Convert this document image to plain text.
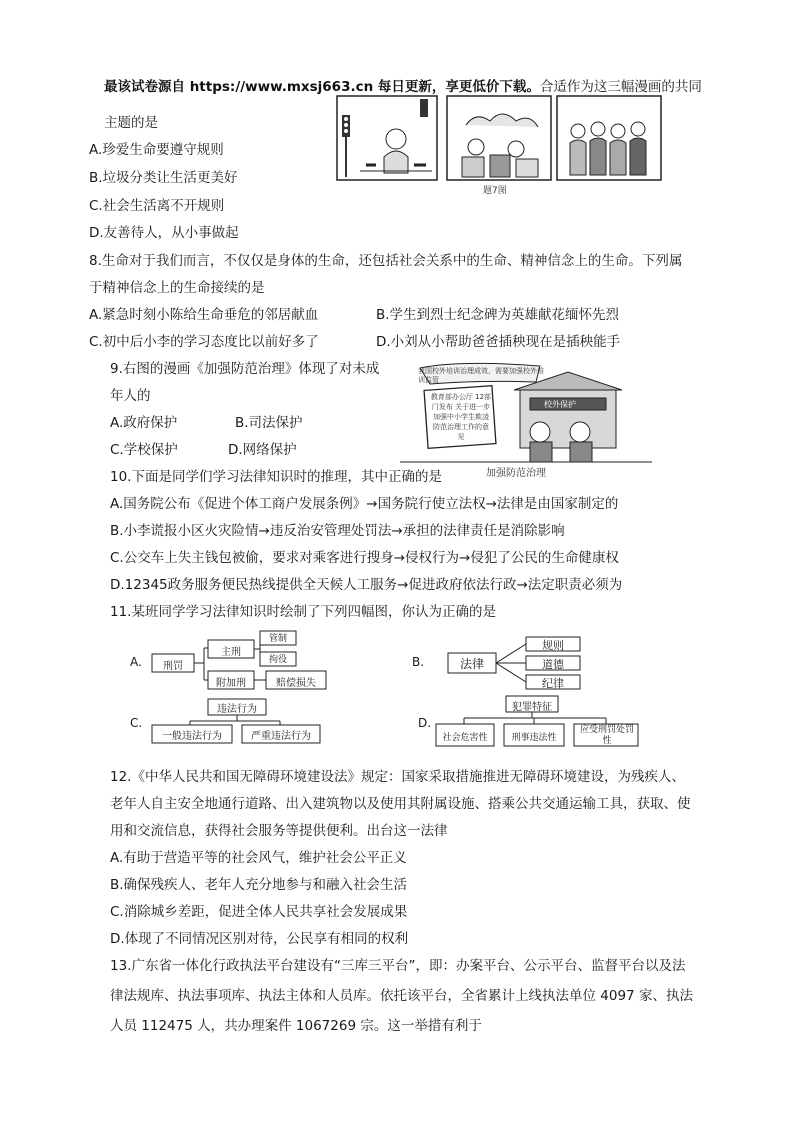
最该试卷源自 https://www.mxsj663.cn 每日更新，享更低价下载。合适作为这三幅漫画的共同
主题的是
A.珍爱生命要遵守规则
B.垃圾分类让生活更美好
C.社会生活离不开规则
D.友善待人，从小事做起
题7图
8.生命对于我们而言，不仅仅是身体的生命，还包括社会关系中的生命、精神信念上的生命。下列属
于精神信念上的生命接续的是
A.紧急时刻小陈给生命垂危的邻居献血	B.学生到烈士纪念碑为英雄献花缅怀先烈
C.初中后小李的学习态度比以前好多了	D.小刘从小帮助爸爸插秧现在是插秧能手
9.右图的漫画《加强防范治理》体现了对未成
年人的
A.政府保护	B.司法保护
C.学校保护	D.网络保护
我国校外培训治理成效，需要加强校外培训监管
教育部办公厅 12部门发布 关于进一步加强中小学生欺凌防范治理工作的意见
校外保护
加强防范治理
10.下面是同学们学习法律知识时的推理，其中正确的是
A.国务院公布《促进个体工商户发展条例》→国务院行使立法权→法律是由国家制定的
B.小李谎报小区火灾险情→违反治安管理处罚法→承担的法律责任是消除影响
C.公交车上失主钱包被偷，要求对乘客进行搜身→侵权行为→侵犯了公民的生命健康权
D.12345政务服务便民热线提供全天候人工服务→促进政府依法行政→法定职责必须为
11.某班同学学习法律知识时绘制了下列四幅图，你认为正确的是
A.	刑罚
主刑
附加刑
管制
拘役
赔偿损失
B.	法律
规则
道德
纪律
C.
违法行为
一般违法行为	严重违法行为
D.
犯罪特征
社会危害性	刑事违法性
应受刑罚处罚性
12.《中华人民共和国无障碍环境建设法》规定：国家采取措施推进无障碍环境建设，为残疾人、
老年人自主安全地通行道路、出入建筑物以及使用其附属设施、搭乘公共交通运输工具，获取、使
用和交流信息，获得社会服务等提供便利。出台这一法律
A.有助于营造平等的社会风气，维护社会公平正义
B.确保残疾人、老年人充分地参与和融入社会生活
C.消除城乡差距，促进全体人民共享社会发展成果
D.体现了不同情况区别对待，公民享有相同的权利
13.广东省一体化行政执法平台建设有“三库三平台”，即：办案平台、公示平台、监督平台以及法
律法规库、执法事项库、执法主体和人员库。依托该平台，全省累计上线执法单位 4097 家、执法
人员 112475 人，共办理案件 1067269 宗。这一举措有利于
